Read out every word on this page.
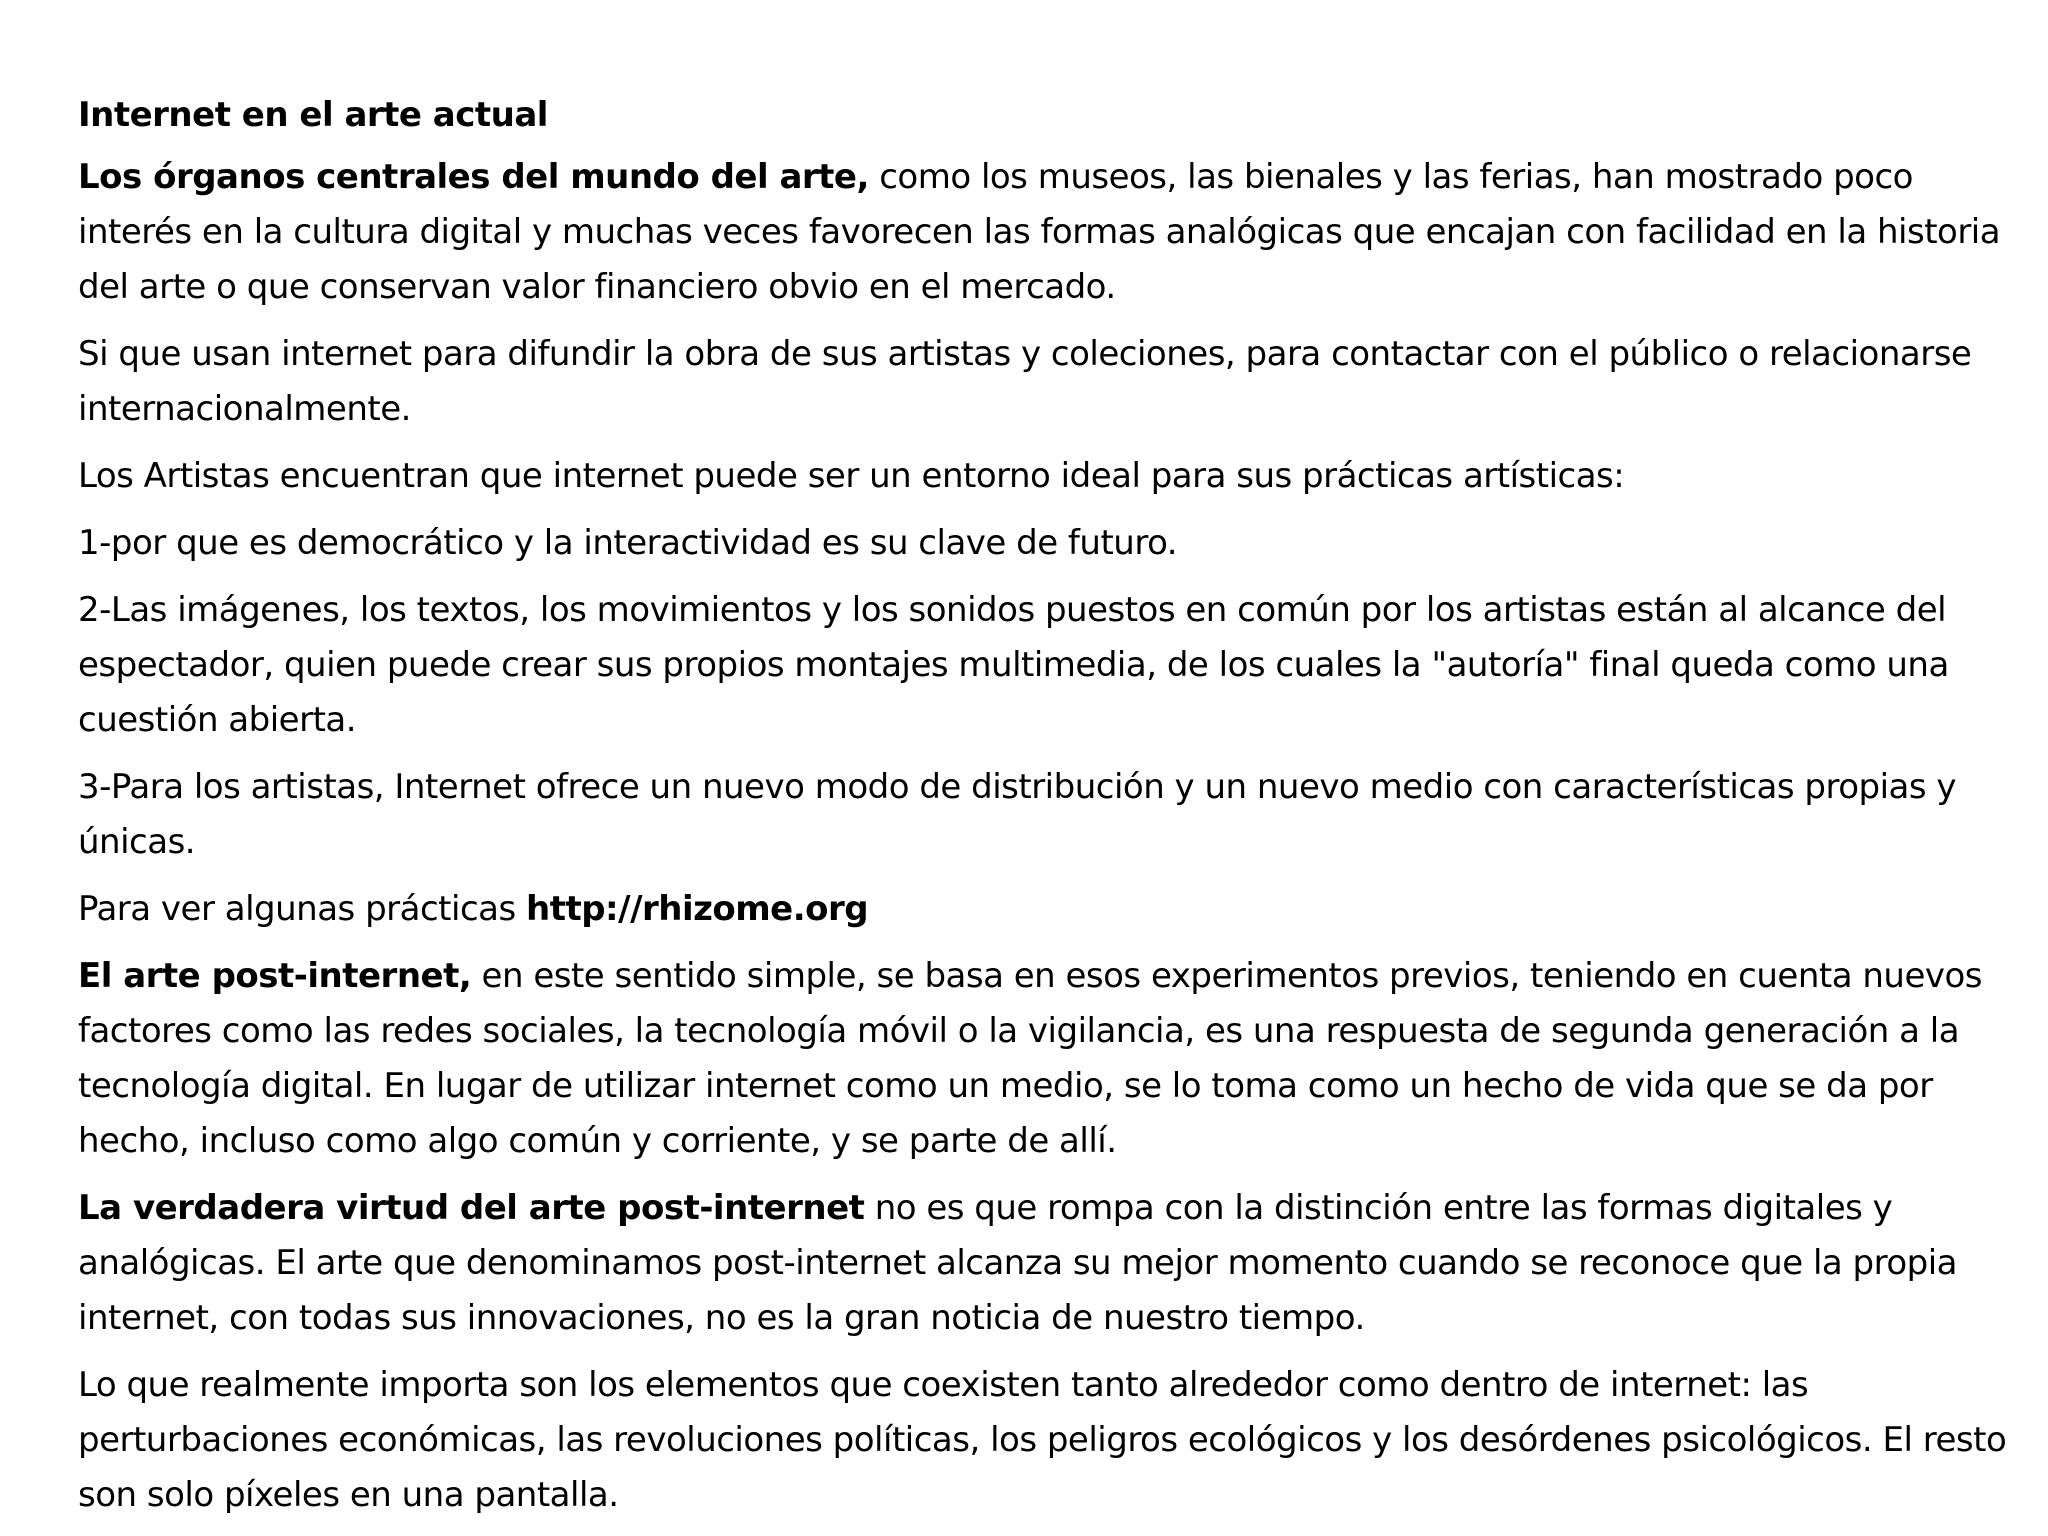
Internet en el arte actual
Los órganos centrales del mundo del arte, como los museos, las bienales y las ferias, han mostrado poco interés en la cultura digital y muchas veces favorecen las formas analógicas que encajan con facilidad en la historia del arte o que conservan valor financiero obvio en el mercado.
Si que usan internet para difundir la obra de sus artistas y coleciones, para contactar con el público o relacionarse internacionalmente.
Los Artistas encuentran que internet puede ser un entorno ideal para sus prácticas artísticas:
1-por que es democrático y la interactividad es su clave de futuro.
2-Las imágenes, los textos, los movimientos y los sonidos puestos en común por los artistas están al alcance del espectador, quien puede crear sus propios montajes multimedia, de los cuales la "autoría" final queda como una cuestión abierta.
3-Para los artistas, Internet ofrece un nuevo modo de distribución y un nuevo medio con características propias y únicas.
Para ver algunas prácticas http://rhizome.org
El arte post-internet, en este sentido simple, se basa en esos experimentos previos, teniendo en cuenta nuevos factores como las redes sociales, la tecnología móvil o la vigilancia, es una respuesta de segunda generación a la tecnología digital. En lugar de utilizar internet como un medio, se lo toma como un hecho de vida que se da por hecho, incluso como algo común y corriente, y se parte de allí.
La verdadera virtud del arte post-internet no es que rompa con la distinción entre las formas digitales y analógicas. El arte que denominamos post-internet alcanza su mejor momento cuando se reconoce que la propia internet, con todas sus innovaciones, no es la gran noticia de nuestro tiempo.
Lo que realmente importa son los elementos que coexisten tanto alrededor como dentro de internet: las perturbaciones económicas, las revoluciones políticas, los peligros ecológicos y los desórdenes psicológicos. El resto son solo píxeles en una pantalla.
